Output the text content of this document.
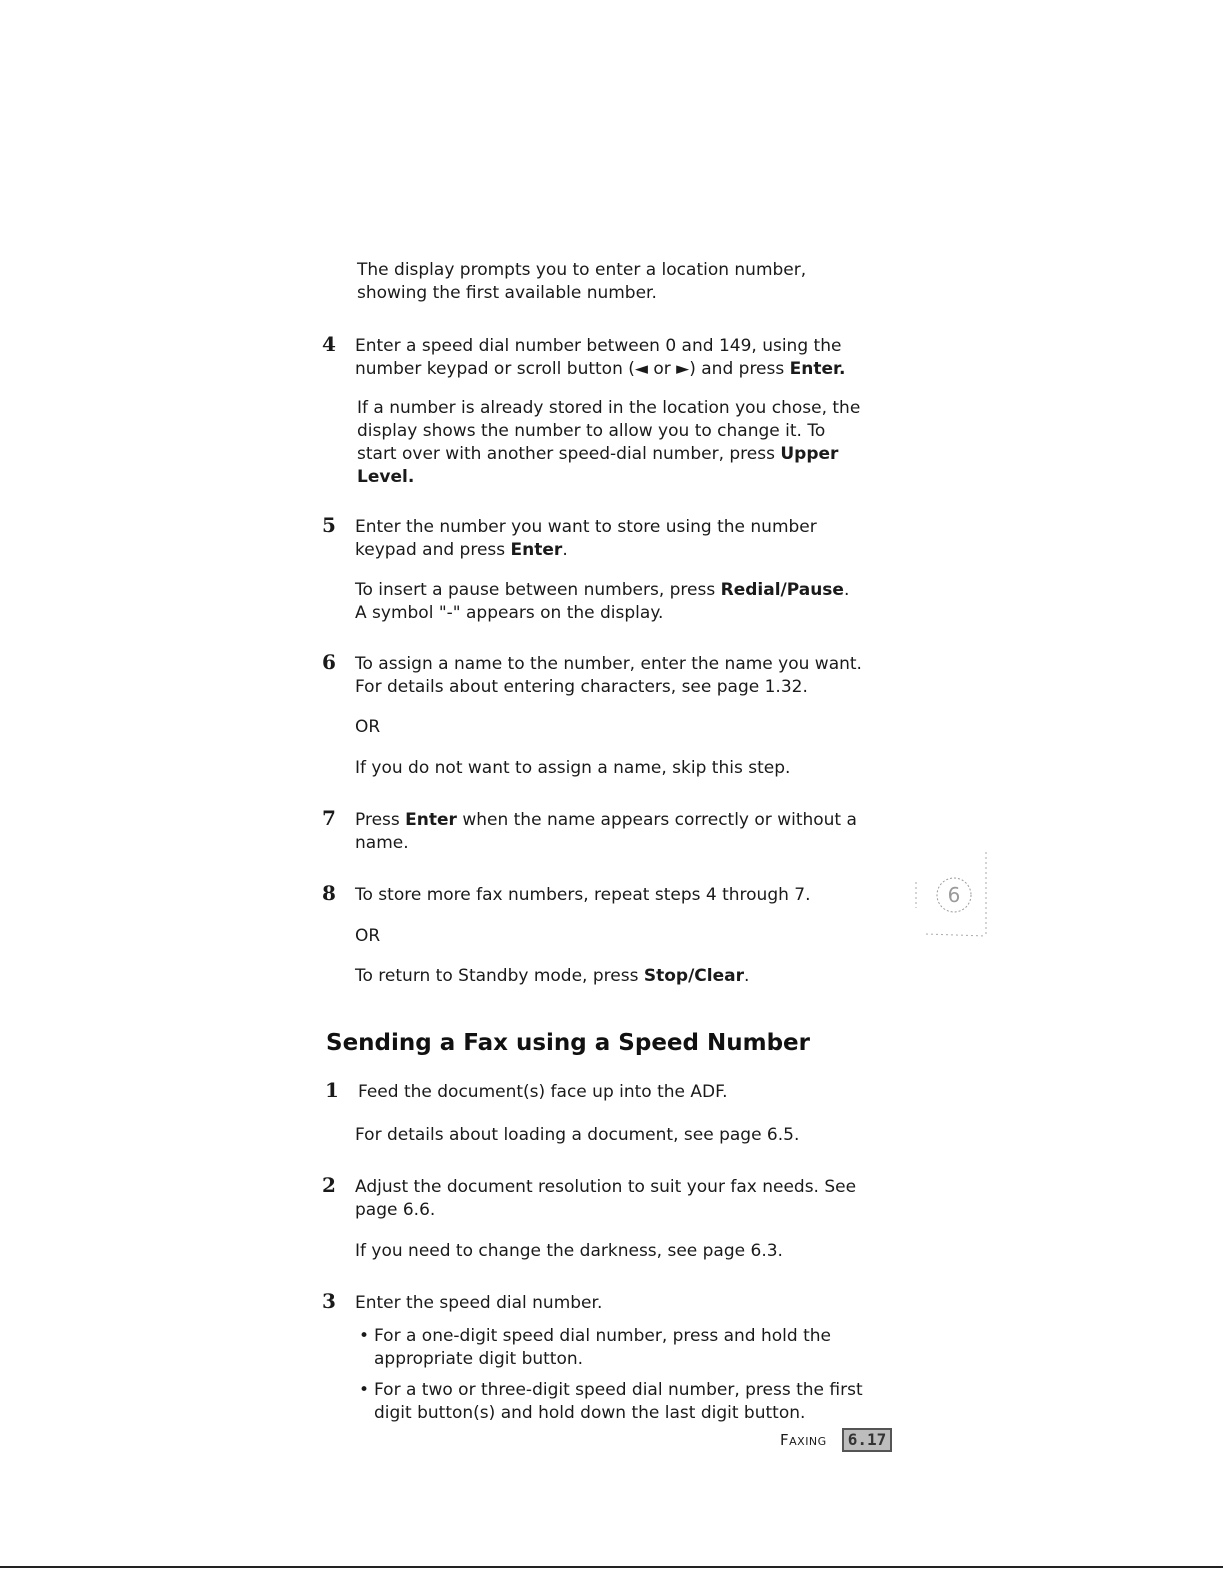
The display prompts you to enter a location number,
showing the first available number.

4 Enter a speed dial number between 0 and 149, using the
number keypad or scroll button (◄ or ►) and press Enter.

If a number is already stored in the location you chose, the
display shows the number to allow you to change it. To
start over with another speed-dial number, press Upper
Level.

5 Enter the number you want to store using the number
keypad and press Enter.

To insert a pause between numbers, press Redial/Pause.
A symbol "-" appears on the display.

6 To assign a name to the number, enter the name you want.
For details about entering characters, see page 1.32.

OR

If you do not want to assign a name, skip this step.

7 Press Enter when the name appears correctly or without a
name.

8 To store more fax numbers, repeat steps 4 through 7.

OR

To return to Standby mode, press Stop/Clear.

6
Sending a Fax using a Speed Number

1 Feed the document(s) face up into the ADF.

For details about loading a document, see page 6.5.

2 Adjust the document resolution to suit your fax needs. See
page 6.6.

If you need to change the darkness, see page 6.3.

3 Enter the speed dial number.

• For a one-digit speed dial number, press and hold the
appropriate digit button.

• For a two or three-digit speed dial number, press the first
digit button(s) and hold down the last digit button.

Faxing	6.17
